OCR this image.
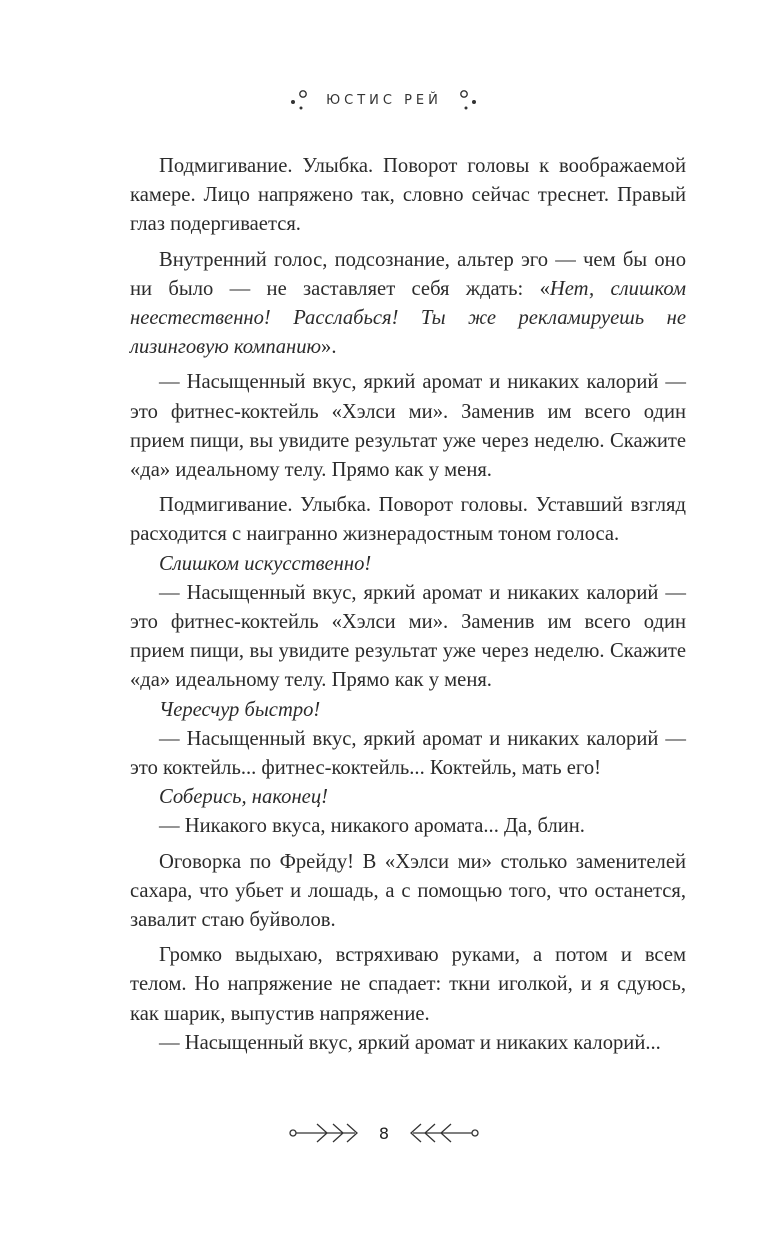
ЮСТИС РЕЙ

Подмигивание. Улыбка. Поворот головы к воображаемой камере. Лицо напряжено так, словно сейчас треснет. Правый глаз подергивается.

Внутренний голос, подсознание, альтер эго — чем бы оно ни было — не заставляет себя ждать: «Нет, слишком неестественно! Расслабься! Ты же рекламируешь не лизинговую компанию».

— Насыщенный вкус, яркий аромат и никаких калорий — это фитнес-коктейль «Хэлси ми». Заменив им всего один прием пищи, вы увидите результат уже через неделю. Скажите «да» идеальному телу. Прямо как у меня.

Подмигивание. Улыбка. Поворот головы. Уставший взгляд расходится с наигранно жизнерадостным тоном голоса.

Слишком искусственно!

— Насыщенный вкус, яркий аромат и никаких калорий — это фитнес-коктейль «Хэлси ми». Заменив им всего один прием пищи, вы увидите результат уже через неделю. Скажите «да» идеальному телу. Прямо как у меня.

Чересчур быстро!

— Насыщенный вкус, яркий аромат и никаких калорий — это коктейль... фитнес-коктейль... Коктейль, мать его!

Соберись, наконец!

— Никакого вкуса, никакого аромата... Да, блин.

Оговорка по Фрейду! В «Хэлси ми» столько заменителей сахара, что убьет и лошадь, а с помощью того, что останется, завалит стаю буйволов.

Громко выдыхаю, встряхиваю руками, а потом и всем телом. Но напряжение не спадает: ткни иголкой, и я сдуюсь, как шарик, выпустив напряжение.

— Насыщенный вкус, яркий аромат и никаких калорий...

8
